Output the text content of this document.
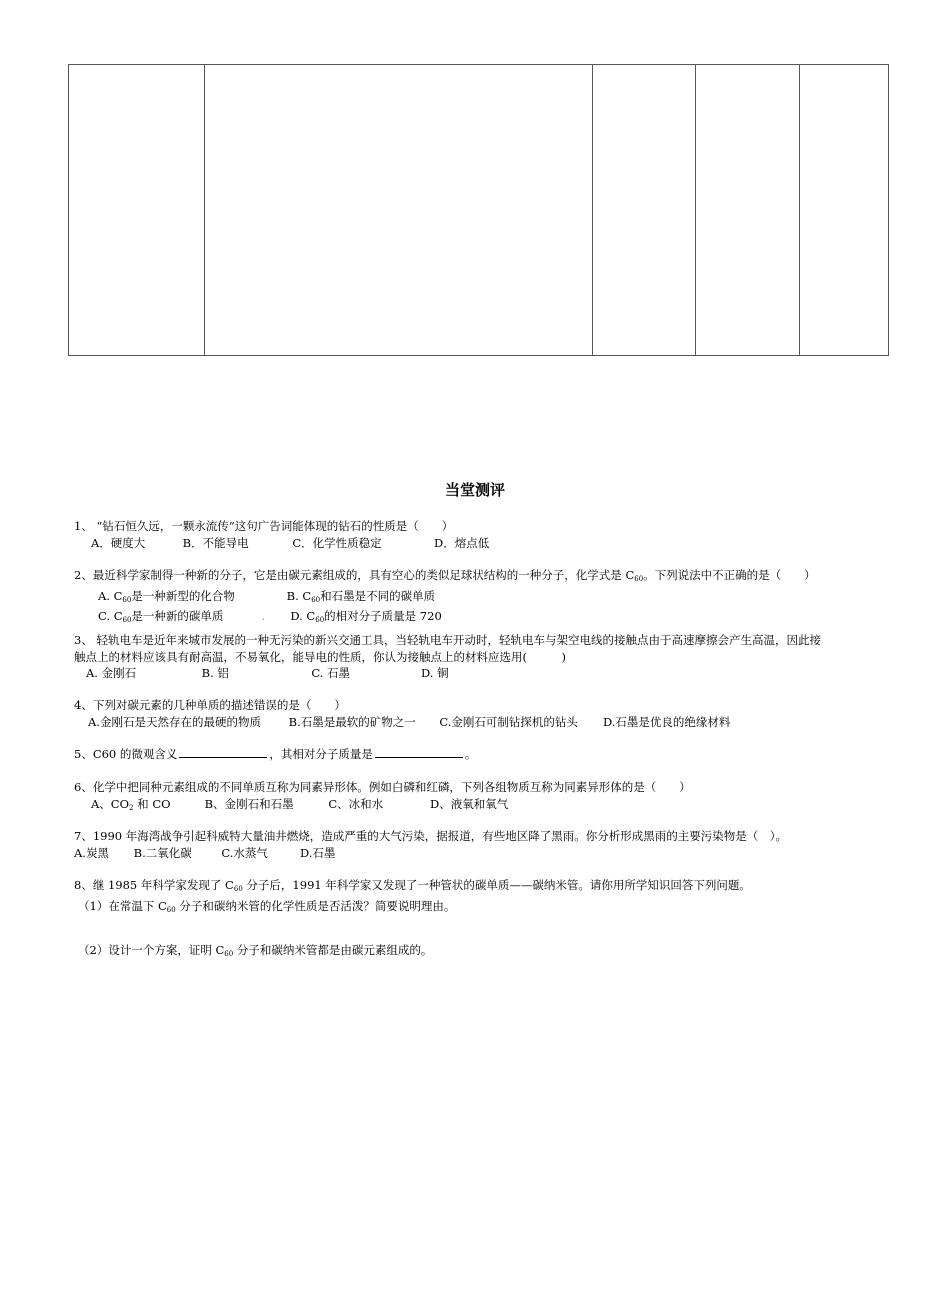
当堂测评
1、 “钻石恒久远，一颗永流传”这句广告词能体现的钻石的性质是（　　）
A．硬度大	B．不能导电	C．化学性质稳定	D．熔点低
2、最近科学家制得一种新的分子，它是由碳元素组成的，具有空心的类似足球状结构的一种分子，化学式是 C60。下列说法中不正确的是（　　）
A. C60是一种新型的化合物	B. C60和石墨是不同的碳单质
C. C60是一种新的碳单质	. D. C60的相对分子质量是 720
3、 轻轨电车是近年来城市发展的一种无污染的新兴交通工具，当轻轨电车开动时，轻轨电车与架空电线的接触点由于高速摩擦会产生高温，因此接
触点上的材料应该具有耐高温，不易氧化，能导电的性质，你认为接触点上的材料应选用(　　　)
A. 金刚石	B. 铝	C. 石墨	D. 铜
4、下列对碳元素的几种单质的描述错误的是（　　）
A.金刚石是天然存在的最硬的物质 B.石墨是最软的矿物之一 C.金刚石可制钻探机的钻头 D.石墨是优良的绝缘材料
5、C60 的微观含义	，其相对分子质量是	。
6、化学中把同种元素组成的不同单质互称为同素异形体。例如白磷和红磷，下列各组物质互称为同素异形体的是（　　）
A、CO2 和 CO	B、金刚石和石墨	C、冰和水	D、液氧和氧气
7、1990 年海湾战争引起科威特大量油井燃烧，造成严重的大气污染，据报道，有些地区降了黑雨。你分析形成黑雨的主要污染物是（　）。
A.炭黑 B.二氧化碳	C.水蒸气	D.石墨
8、继 1985 年科学家发现了 C60 分子后，1991 年科学家又发现了一种管状的碳单质——碳纳米管。请你用所学知识回答下列问题。
（1）在常温下 C60 分子和碳纳米管的化学性质是否活泼？简要说明理由。
（2）设计一个方案，证明 C60 分子和碳纳米管都是由碳元素组成的。
